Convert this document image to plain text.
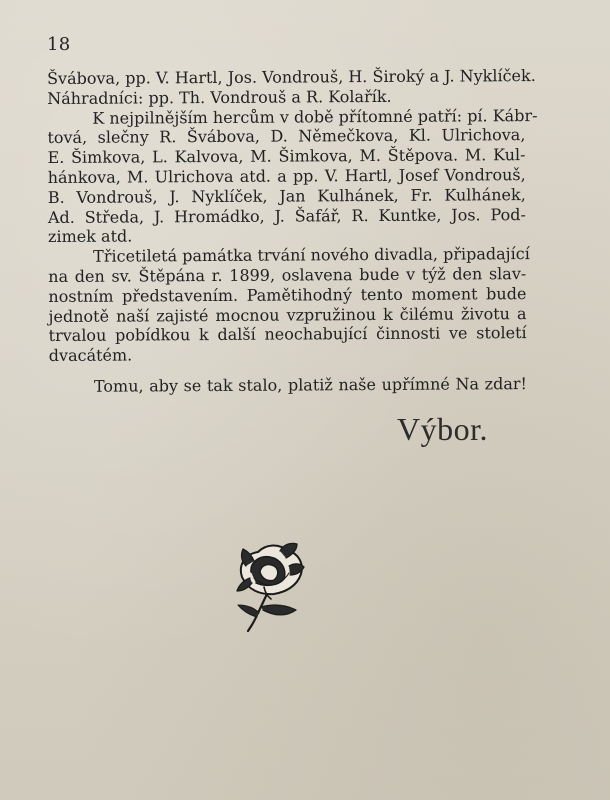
18
Švábova, pp. V. Hartl, Jos. Vondrouš, H. Široký a J. Nyklíček.
Náhradníci: pp. Th. Vondrouš a R. Kolařík.
K nejpilnějším hercům v době přítomné patří: pí. Kábr-
tová, slečny R. Švábova, D. Němečkova, Kl. Ulrichova,
E. Šimkova, L. Kalvova, M. Šimkova, M. Štěpova. M. Kul-
hánkova, M. Ulrichova atd. a pp. V. Hartl, Josef Vondrouš,
B. Vondrouš, J. Nyklíček, Jan Kulhánek, Fr. Kulhánek,
Ad. Středa, J. Hromádko, J. Šafář, R. Kuntke, Jos. Pod-
zimek atd.
Třicetiletá památka trvání nového divadla, připadající
na den sv. Štěpána r. 1899, oslavena bude v týž den slav-
nostním představením. Pamětihodný tento moment bude
jednotě naší zajisté mocnou vzpružinou k čilému životu a
trvalou pobídkou k další neochabující činnosti ve století
dvacátém.
Tomu, aby se tak stalo, platiž naše upřímné Na zdar!
Výbor.
